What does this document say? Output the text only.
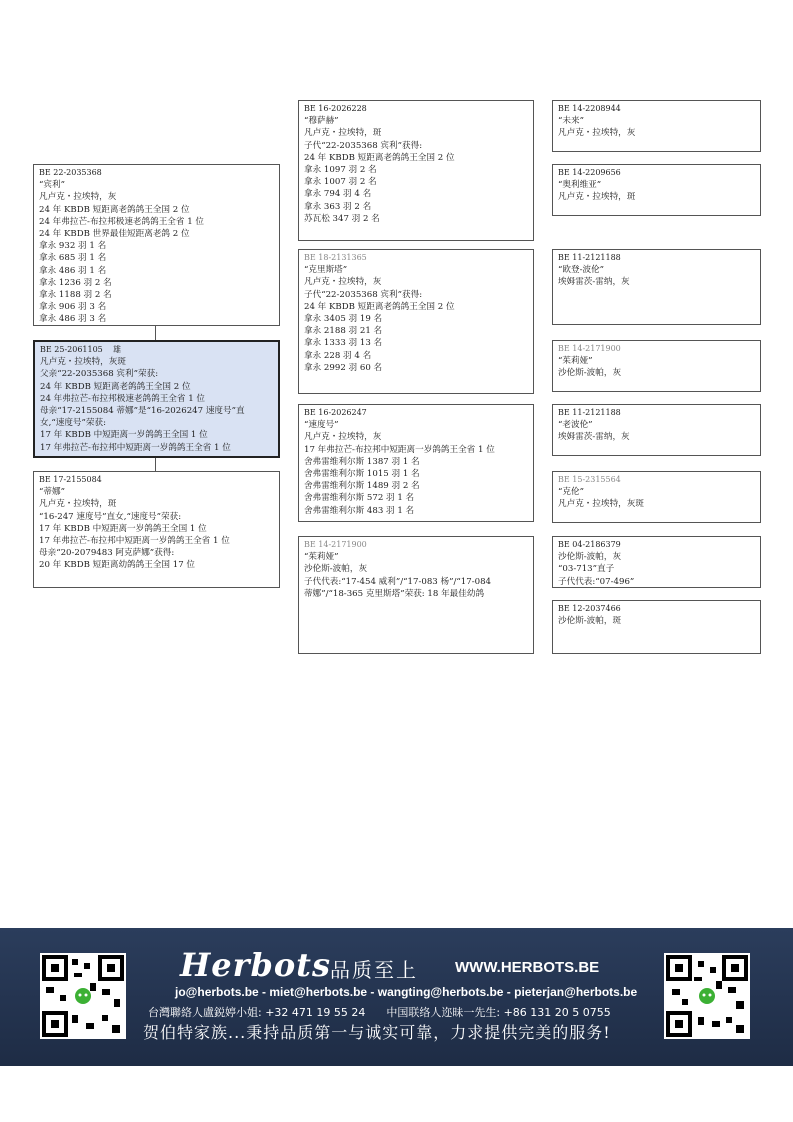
BE 22-2035368
“宾利”
凡卢克・拉埃特，灰
24 年 KBDB 短距离老鸽鸽王全国 2 位
24 年弗拉芒-布拉邦极速老鸽鸽王全省 1 位
24 年 KBDB 世界最佳短距离老鸽 2 位
拿永 932 羽 1 名
拿永 685 羽 1 名
拿永 486 羽 1 名
拿永 1236 羽 2 名
拿永 1188 羽 2 名
拿永 906 羽 3 名
拿永 486 羽 3 名
BE 25-2061105 雄
凡卢克・拉埃特，灰斑
父亲“22-2035368 宾利”荣获:
24 年 KBDB 短距离老鸽鸽王全国 2 位
24 年弗拉芒-布拉邦极速老鸽鸽王全省 1 位
母亲“17-2155084 蒂娜”是“16-2026247 速度号”直
女,“速度号”荣获:
17 年 KBDB 中短距离一岁鸽鸽王全国 1 位
17 年弗拉芒-布拉邦中短距离一岁鸽鸽王全省 1 位
BE 17-2155084
“蒂娜”
凡卢克・拉埃特，斑
“16-247 速度号”直女,“速度号”荣获:
17 年 KBDB 中短距离一岁鸽鸽王全国 1 位
17 年弗拉芒-布拉邦中短距离一岁鸽鸽王全省 1 位
母亲“20-2079483 阿克萨娜”获得:
20 年 KBDB 短距离幼鸽鸽王全国 17 位
BE 16-2026228
“穆萨赫”
凡卢克・拉埃特，斑
子代“22-2035368 宾利”获得:
24 年 KBDB 短距离老鸽鸽王全国 2 位
拿永 1097 羽 2 名
拿永 1007 羽 2 名
拿永 794 羽 4 名
拿永 363 羽 2 名
苏瓦松 347 羽 2 名
BE 18-2131365
“克里斯塔”
凡卢克・拉埃特，灰
子代“22-2035368 宾利”获得:
24 年 KBDB 短距离老鸽鸽王全国 2 位
拿永 3405 羽 19 名
拿永 2188 羽 21 名
拿永 1333 羽 13 名
拿永 228 羽 4 名
拿永 2992 羽 60 名
BE 16-2026247
“速度号”
凡卢克・拉埃特，灰
17 年弗拉芒-布拉邦中短距离一岁鸽鸽王全省 1 位
舍弗雷维利尔斯 1387 羽 1 名
舍弗雷维利尔斯 1015 羽 1 名
舍弗雷维利尔斯 1489 羽 2 名
舍弗雷维利尔斯 572 羽 1 名
舍弗雷维利尔斯 483 羽 1 名
BE 14-2171900
“茱莉娅”
沙伦斯-波帕，灰
子代代表:“17-454 威利”/“17-083 杨”/“17-084
蒂娜”/“18-365 克里斯塔”荣获: 18 年最佳幼鸽
BE 14-2208944
“未来”
凡卢克・拉埃特，灰
BE 14-2209656
“奥利维亚”
凡卢克・拉埃特，斑
BE 11-2121188
“欧登-波伦”
埃姆雷茨-雷纳，灰
BE 14-2171900
“茱莉娅”
沙伦斯-波帕，灰
BE 11-2121188
“老波伦”
埃姆雷茨-雷纳，灰
BE 15-2315564
“克伦”
凡卢克・拉埃特，灰斑
BE 04-2186379
沙伦斯-波帕，灰
“03-713”直子
子代代表:“07-496”
BE 12-2037466
沙伦斯-波帕，斑
Herbots 品质至上 WWW.HERBOTS.BE
jo@herbots.be - miet@herbots.be - wangting@herbots.be - pieterjan@herbots.be
台灣聯絡人盧鋭婷小姐: +32 471 19 55 24 中国联络人迩昧一先生: +86 131 20 5 0755
贺伯特家族...秉持品质第一与诚实可靠，力求提供完美的服务!
